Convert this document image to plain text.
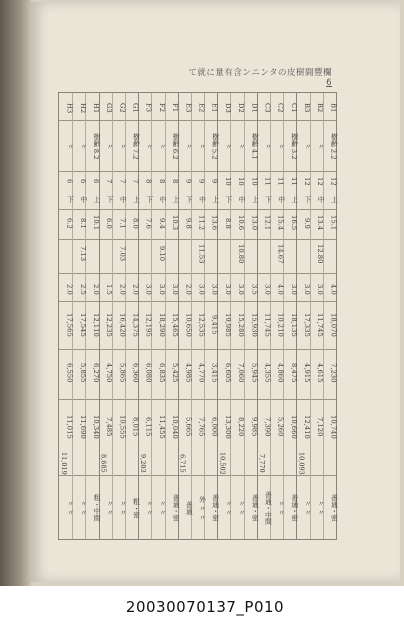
て就に量有含ンニンタの皮樹闘豐欄 6
B1
樹齢 2.2
12
上
15.1
4.0
18,070
7,230
10,740
善通・密
B2
〃
12
中
13.4
12.80
3.0
11,745
4,615
7,120
〃 〃
B3
〃
12
下
9.9
3.0
17,335
4,915
12,410
〃 〃
C1
樹齢 3.2
11
上
16.5
3.0
18,135
8,475
10,660
善通・密
C2
〃
11
中
15.4
14.67
4.0
10,210
4,860
5,260
〃 〃
C3
〃
11
下
12.1
3.0
11,745
4,355
7,390
善通・中間
D1
樹齢 4.1
10
上
13.0
3.5
15,930
5,945
9,985
善通・密
D2
〃
10
中
10.6
10.80
3.0
15,280
7,060
8,220
〃 〃
D3
〃
10
下
8.8
3.0
19,985
6,605
13,300
〃 〃
E1
樹齢 5.2
9
上
13.6
3.0
9,415
3,415
6,000
善通・密
E2
〃
9
中
11.2
11.53
3.0
12,535
4,770
7,765
外 〃 〃
E3
〃
9
下
9.8
2.0
10,650
4,985
5,665
善通
F1
樹齢 6.2
8
上
10.3
3.0
15,465
5,425
10,040
善通・密
F2
〃
8
中
9.4
9.10
3.0
18,290
6,835
11,455
〃 〃
F3
〃
8
下
7.6
3.0
12,195
6,080
6,115
〃 〃
G1
樹齢 7.2
7
上
8.0
2.0
14,375
6,360
8,015
粗・密
G2
〃
7
中
7.1
7.03
2.0
16,420
5,865
10,555
〃 〃
G3
〃
7
下
6.0
1.5
12,235
4,750
7,485
〃 〃
H1
樹齢 8.2
6
上
10.1
2.0
12,110
6,270
10,340
粗・中間
H2
〃
6
中
8.1
7.13
2.5
17,545
5,855
11,690
〃 〃
H3
〃
6
下
6.2
2.0
17,565
6,550
11,015
〃 〃
10,093
7,770
10,502
6,715
9,203
8,685
11,019
20030070137_P010
